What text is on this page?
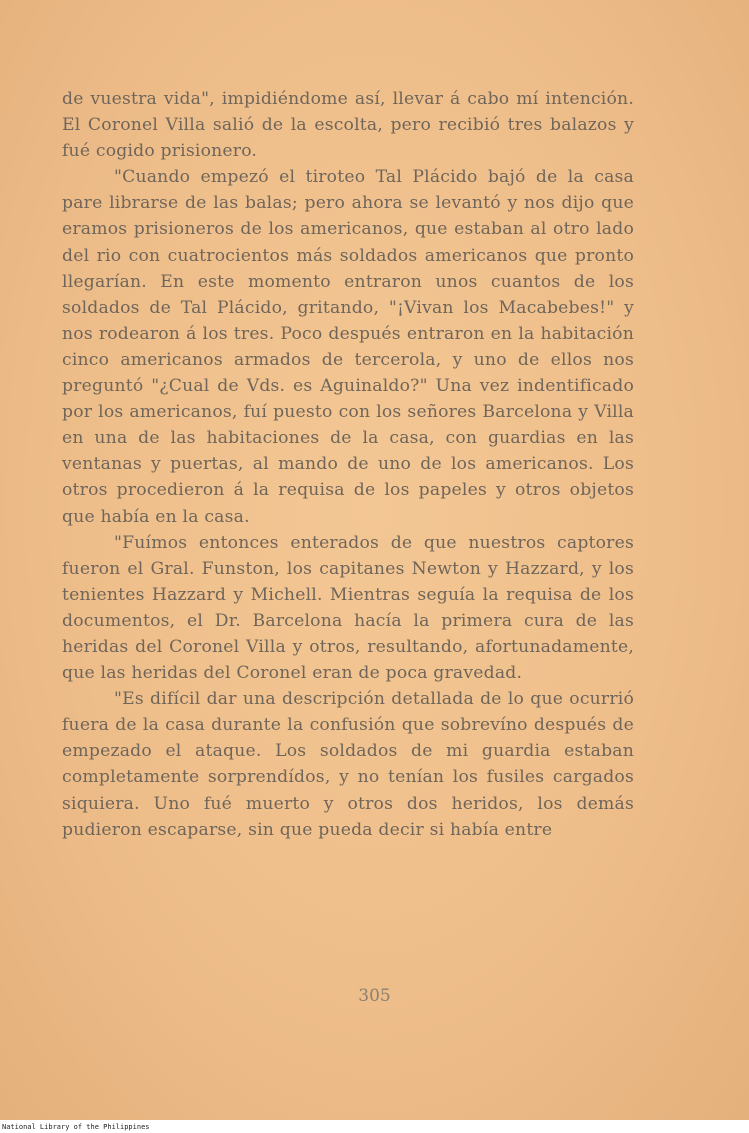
de vuestra vida", impidiéndome así, llevar á cabo mí intención. El Coronel Villa salió de la escolta, pero recibió tres balazos y fué cogido prisionero.

"Cuando empezó el tiroteo Tal Plácido bajó de la casa pare librarse de las balas; pero ahora se levantó y nos dijo que eramos prisioneros de los americanos, que estaban al otro lado del rio con cuatrocientos más soldados americanos que pronto llegarían. En este momento entraron unos cuantos de los soldados de Tal Plácido, gritando, "¡Vivan los Macabebes!" y nos rodearon á los tres. Poco después entraron en la habitación cinco americanos armados de tercerola, y uno de ellos nos preguntó "¿Cual de Vds. es Aguinaldo?" Una vez indentificado por los americanos, fuí puesto con los señores Barcelona y Villa en una de las habitaciones de la casa, con guardias en las ventanas y puertas, al mando de uno de los americanos. Los otros procedieron á la requisa de los papeles y otros objetos que había en la casa.

"Fuímos entonces enterados de que nuestros captores fueron el Gral. Funston, los capitanes Newton y Hazzard, y los tenientes Hazzard y Michell. Mientras seguía la requisa de los documentos, el Dr. Barcelona hacía la primera cura de las heridas del Coronel Villa y otros, resultando, afortunadamente, que las heridas del Coronel eran de poca gravedad.

"Es difícil dar una descripción detallada de lo que ocurrió fuera de la casa durante la confusión que sobrevíno después de empezado el ataque. Los soldados de mi guardia estaban completamente sorprendídos, y no tenían los fusiles cargados siquiera. Uno fué muerto y otros dos heridos, los demás pudieron escaparse, sin que pueda decir si había entre

305
National Library of the Philippines
